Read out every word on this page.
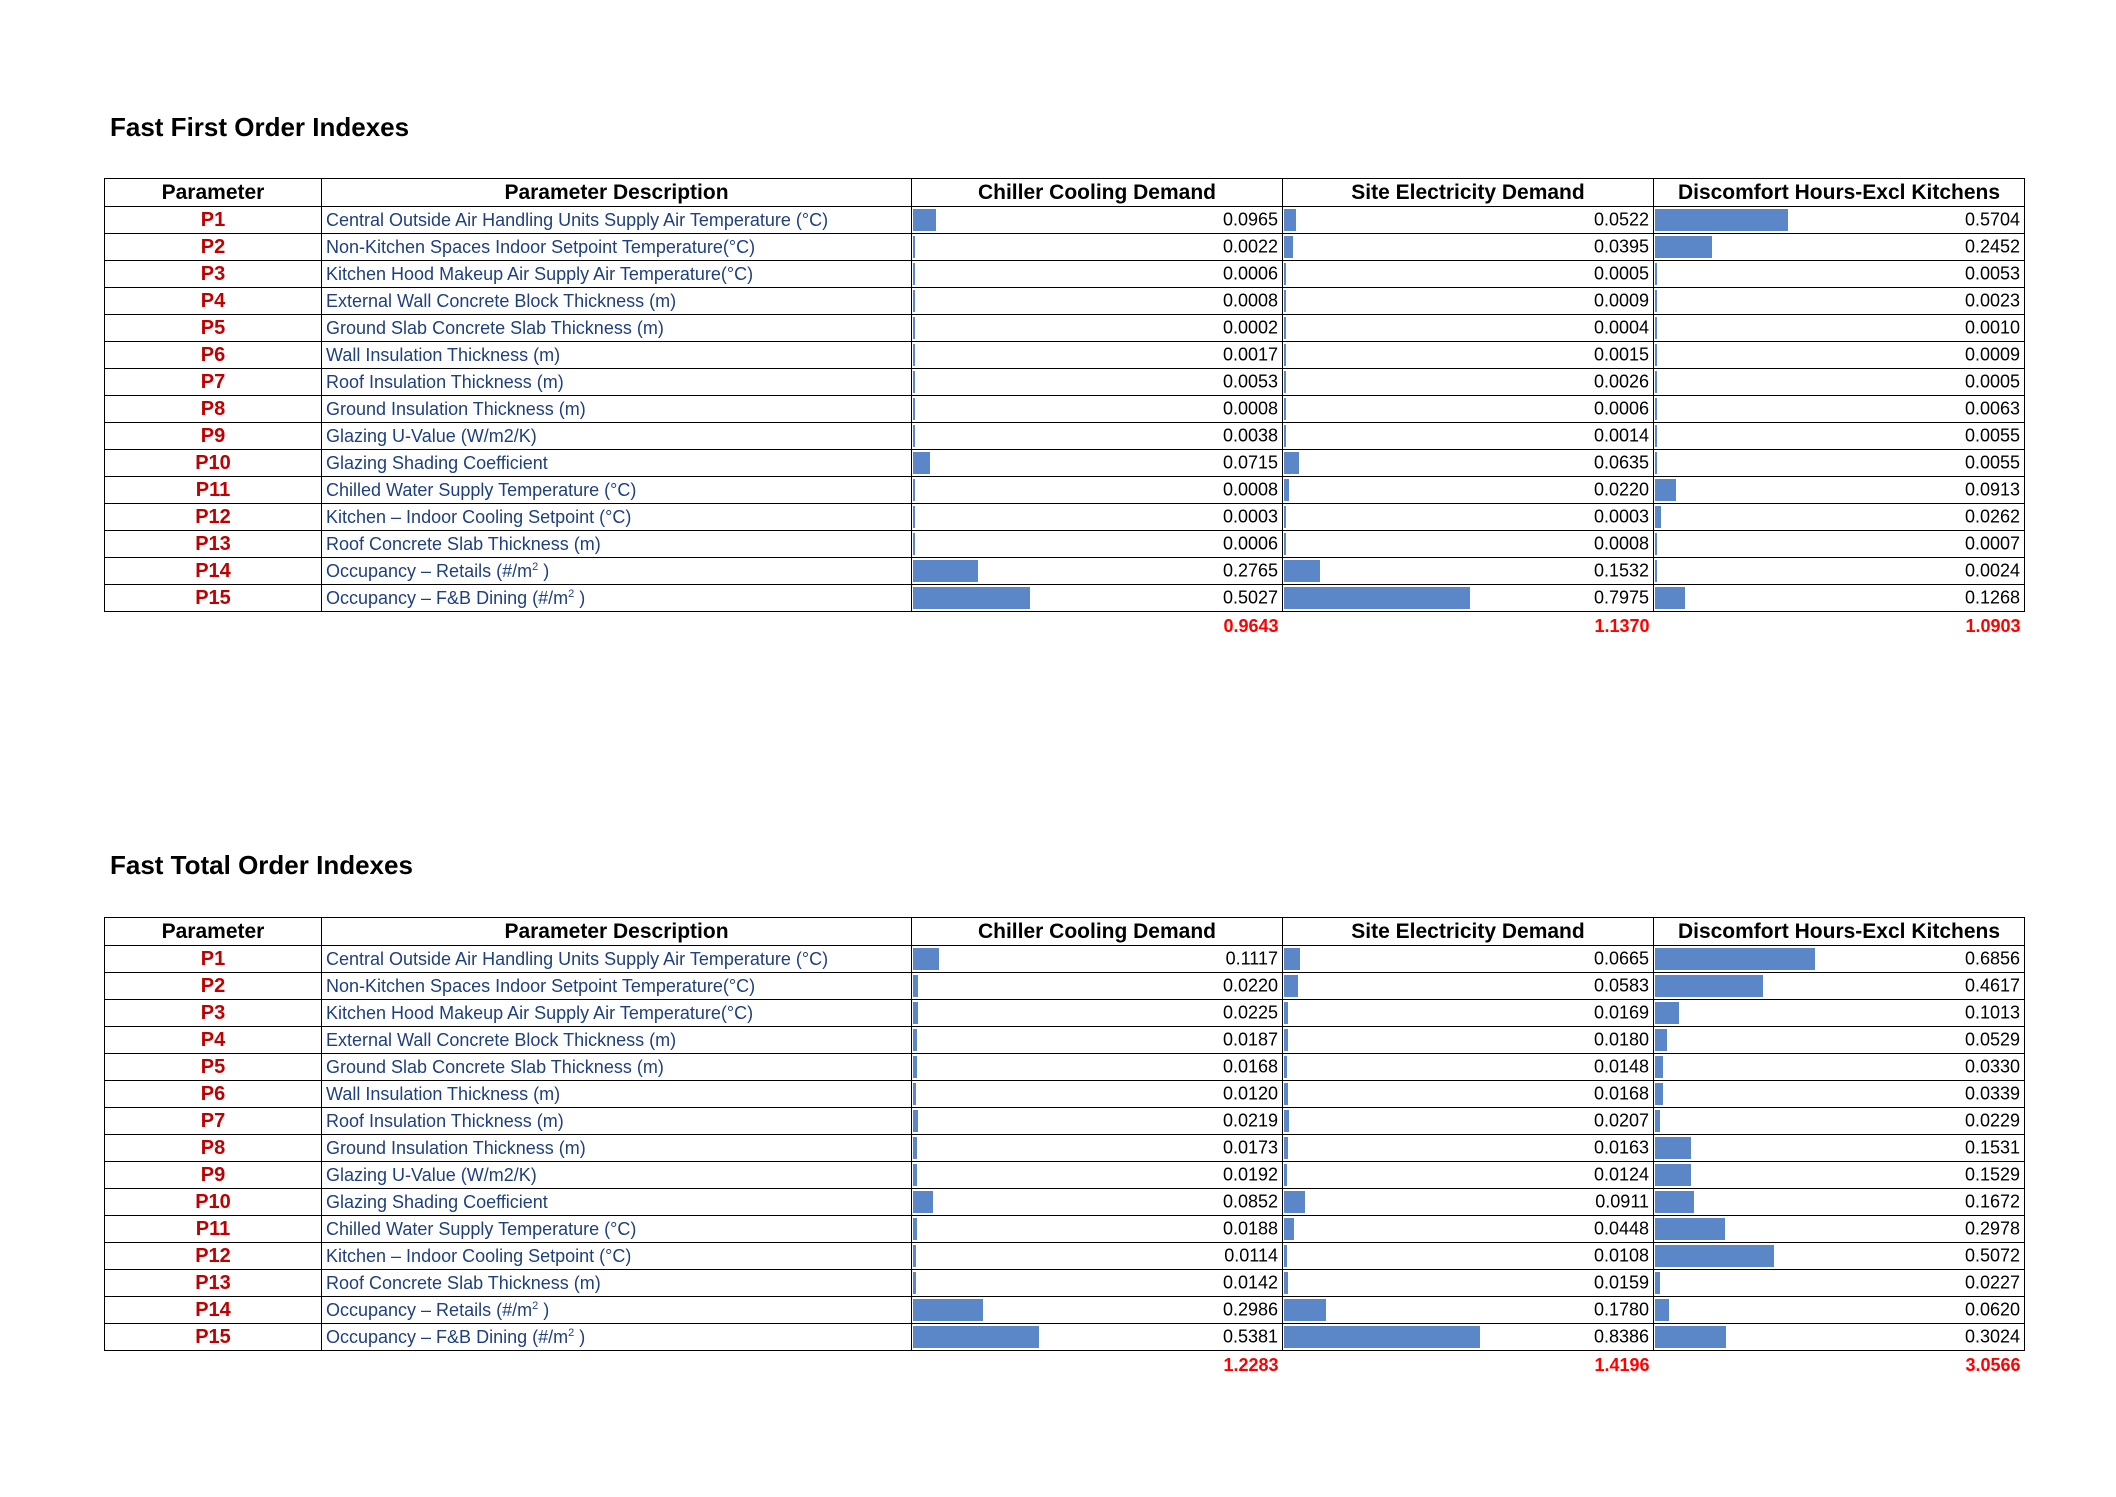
Fast First Order Indexes
Parameter	Parameter Description	Chiller Cooling Demand	Site Electricity Demand	Discomfort Hours-Excl Kitchens
P1	Central Outside Air Handling Units Supply Air Temperature (°C)	0.0965	0.0522	0.5704

P2	Non-Kitchen Spaces Indoor Setpoint Temperature(°C)	0.0022	0.0395	0.2452

P3	Kitchen Hood Makeup Air Supply Air Temperature(°C)	0.0006	0.0005	0.0053

P4	External Wall Concrete Block Thickness (m)	0.0008	0.0009	0.0023

P5	Ground Slab Concrete Slab Thickness (m)	0.0002	0.0004	0.0010

P6	Wall Insulation Thickness (m)	0.0017	0.0015	0.0009

P7	Roof Insulation Thickness (m)	0.0053	0.0026	0.0005

P8	Ground Insulation Thickness (m)	0.0008	0.0006	0.0063

P9	Glazing U-Value (W/m2/K)	0.0038	0.0014	0.0055

P10	Glazing Shading Coefficient	0.0715	0.0635	0.0055

P11	Chilled Water Supply Temperature (°C)	0.0008	0.0220	0.0913

P12	Kitchen – Indoor Cooling Setpoint (°C)	0.0003	0.0003	0.0262

P13	Roof Concrete Slab Thickness (m)	0.0006	0.0008	0.0007

P14	Occupancy – Retails ($\#/m^2$ )	0.2765	0.1532	0.0024

P15	Occupancy – F&B Dining ($\#/m^2$ )	0.5027	0.7975	0.1268

		0.9643	1.1370	1.0903
Fast Total Order Indexes
Parameter	Parameter Description	Chiller Cooling Demand	Site Electricity Demand	Discomfort Hours-Excl Kitchens
P1	Central Outside Air Handling Units Supply Air Temperature (°C)	0.1117	0.0665	0.6856

P2	Non-Kitchen Spaces Indoor Setpoint Temperature(°C)	0.0220	0.0583	0.4617

P3	Kitchen Hood Makeup Air Supply Air Temperature(°C)	0.0225	0.0169	0.1013

P4	External Wall Concrete Block Thickness (m)	0.0187	0.0180	0.0529

P5	Ground Slab Concrete Slab Thickness (m)	0.0168	0.0148	0.0330

P6	Wall Insulation Thickness (m)	0.0120	0.0168	0.0339

P7	Roof Insulation Thickness (m)	0.0219	0.0207	0.0229

P8	Ground Insulation Thickness (m)	0.0173	0.0163	0.1531

P9	Glazing U-Value (W/m2/K)	0.0192	0.0124	0.1529

P10	Glazing Shading Coefficient	0.0852	0.0911	0.1672

P11	Chilled Water Supply Temperature (°C)	0.0188	0.0448	0.2978

P12	Kitchen – Indoor Cooling Setpoint (°C)	0.0114	0.0108	0.5072

P13	Roof Concrete Slab Thickness (m)	0.0142	0.0159	0.0227

P14	Occupancy – Retails ($\#/m^2$ )	0.2986	0.1780	0.0620

P15	Occupancy – F&B Dining ($\#/m^2$ )	0.5381	0.8386	0.3024

		1.2283	1.4196	3.0566
